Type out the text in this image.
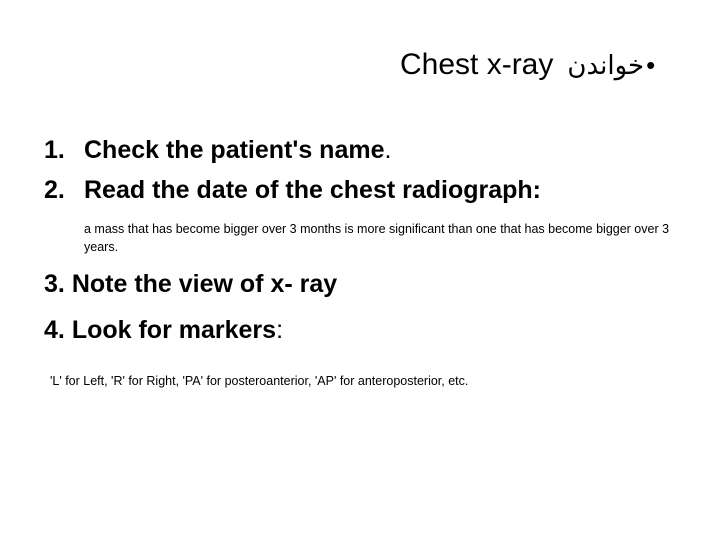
Chest x-ray خواندن •
1. Check the patient's name.
2. Read the date of the chest radiograph:
a mass that has become bigger over 3 months is more significant than one that has become bigger over 3 years.
3. Note the view of x- ray
4. Look for markers:
'L' for Left, 'R' for Right, 'PA' for posteroanterior, 'AP' for anteroposterior, etc.
